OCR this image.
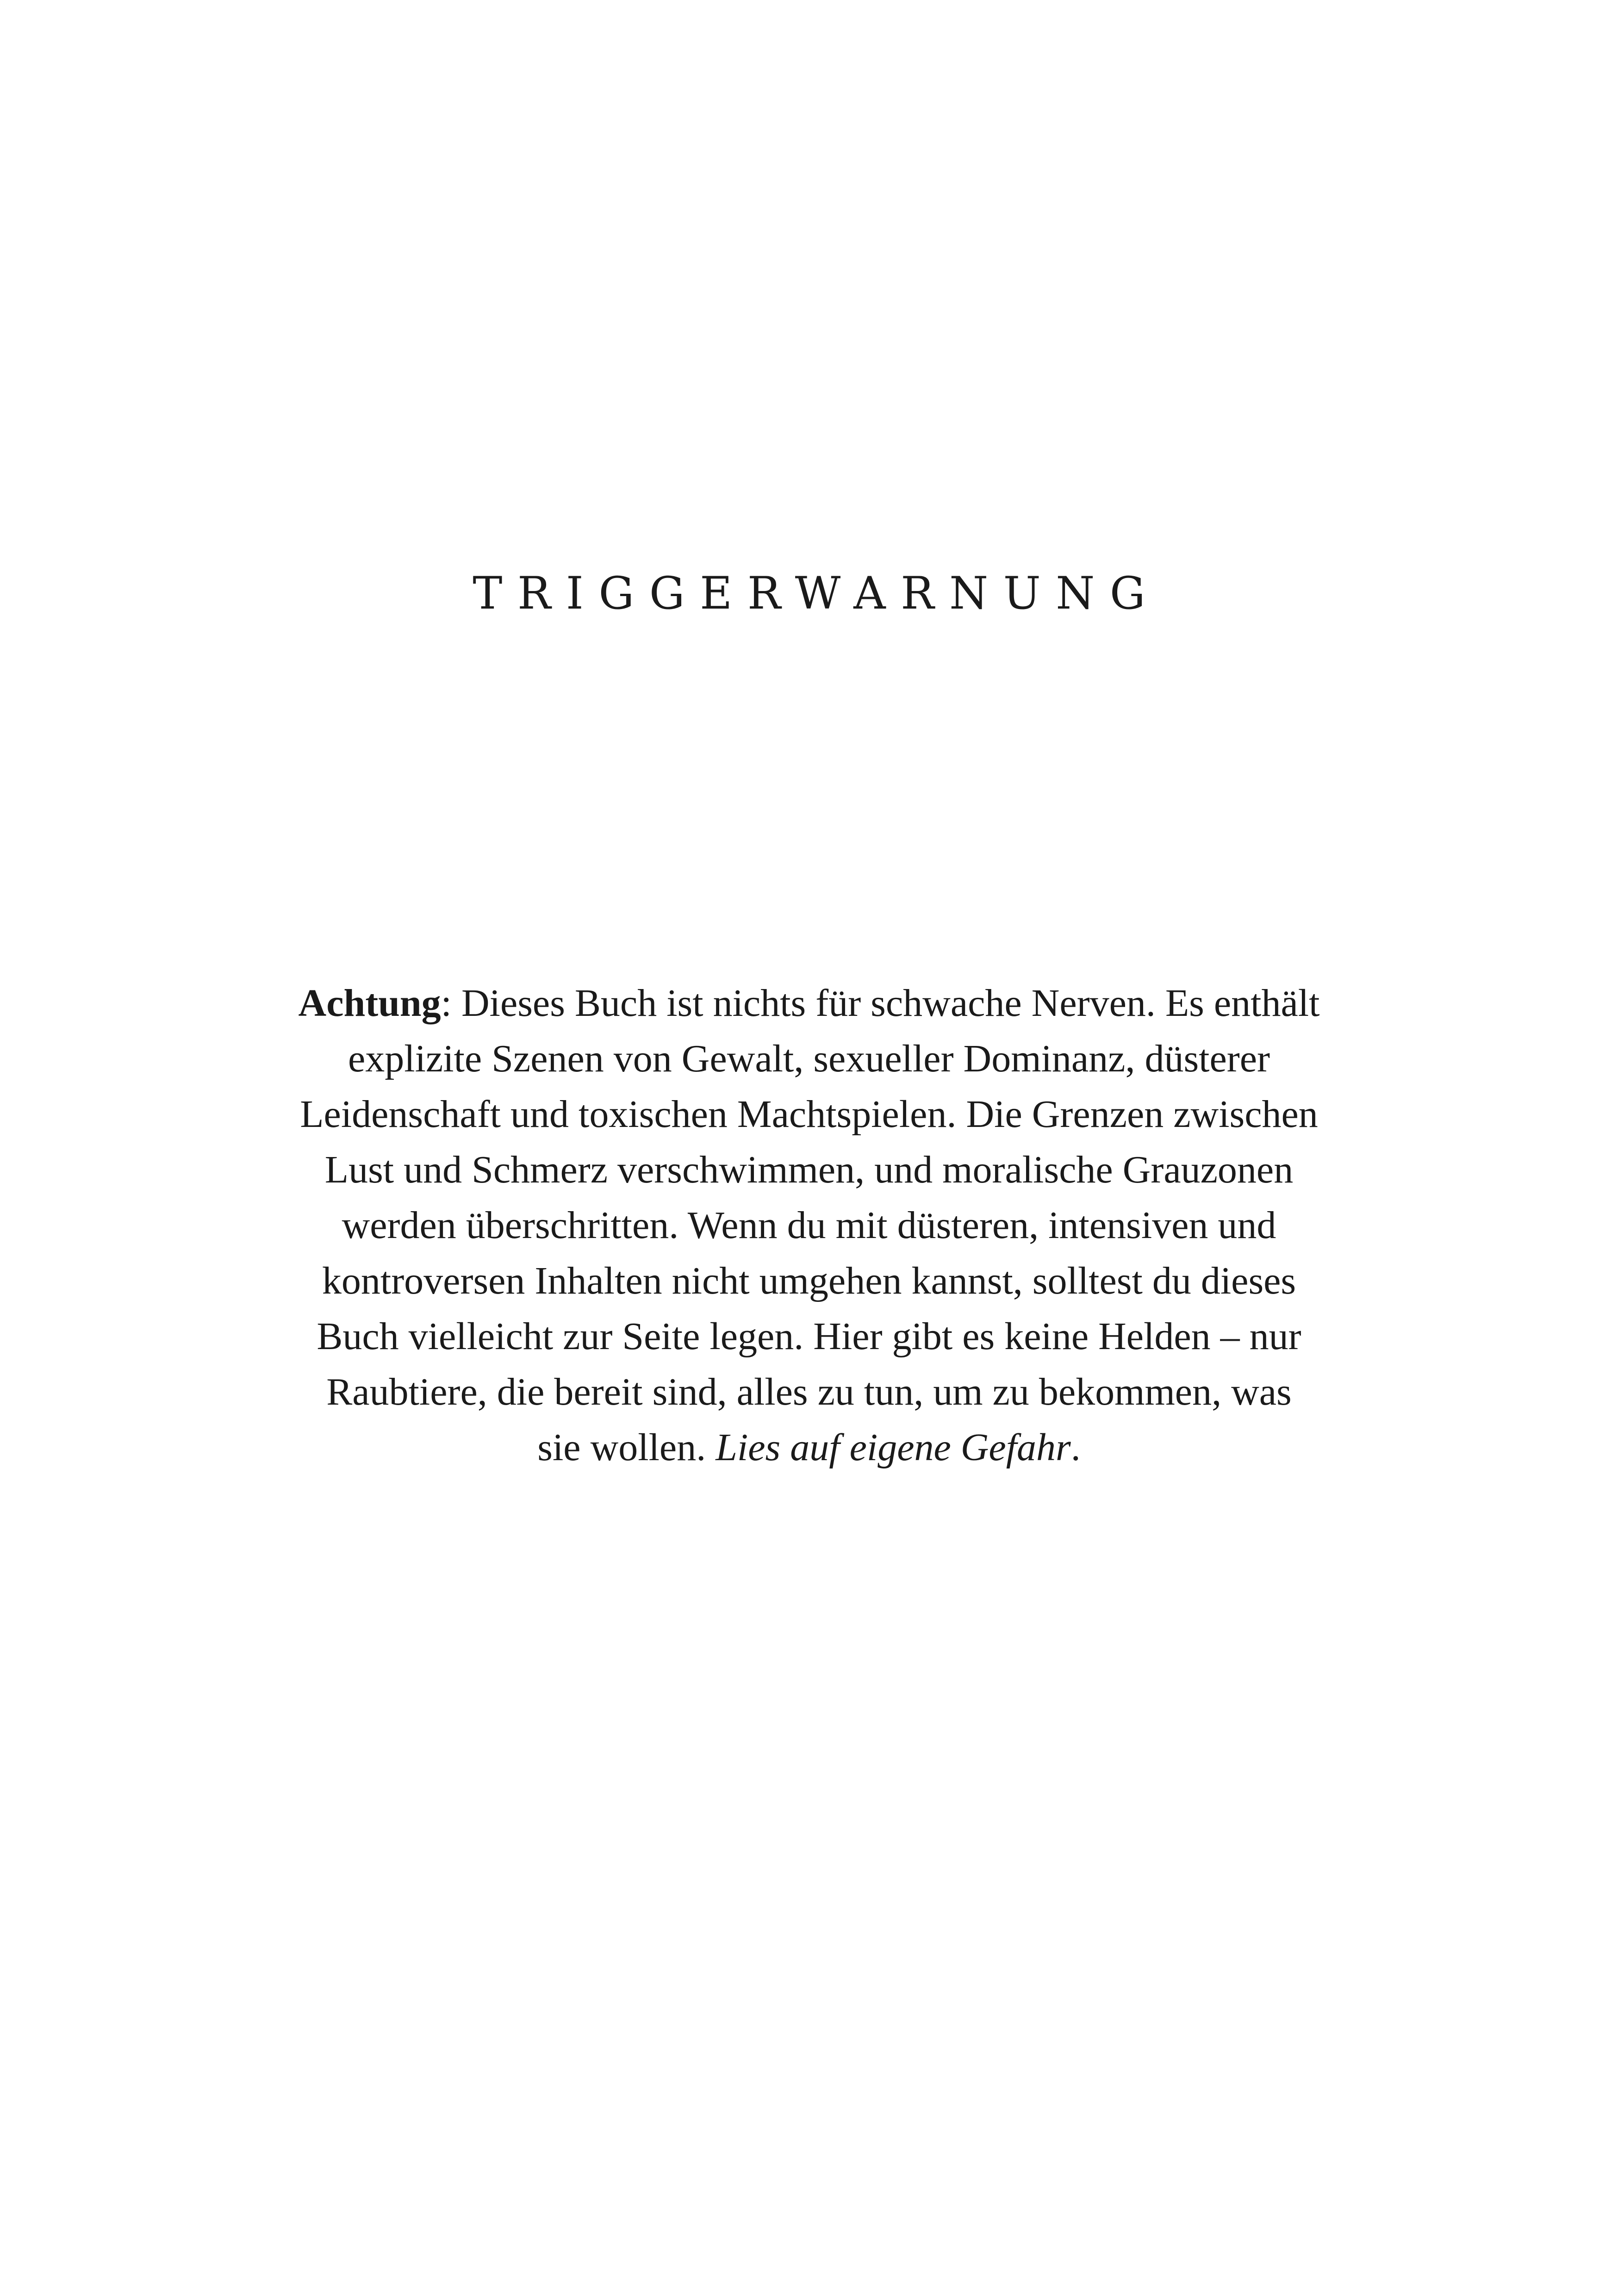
TRIGGERWARNUNG
Achtung: Dieses Buch ist nichts für schwache Nerven. Es enthält
explizite Szenen von Gewalt, sexueller Dominanz, düsterer
Leidenschaft und toxischen Machtspielen. Die Grenzen zwischen
Lust und Schmerz verschwimmen, und moralische Grauzonen
werden überschritten. Wenn du mit düsteren, intensiven und
kontroversen Inhalten nicht umgehen kannst, solltest du dieses
Buch vielleicht zur Seite legen. Hier gibt es keine Helden – nur
Raubtiere, die bereit sind, alles zu tun, um zu bekommen, was
sie wollen. Lies auf eigene Gefahr.
